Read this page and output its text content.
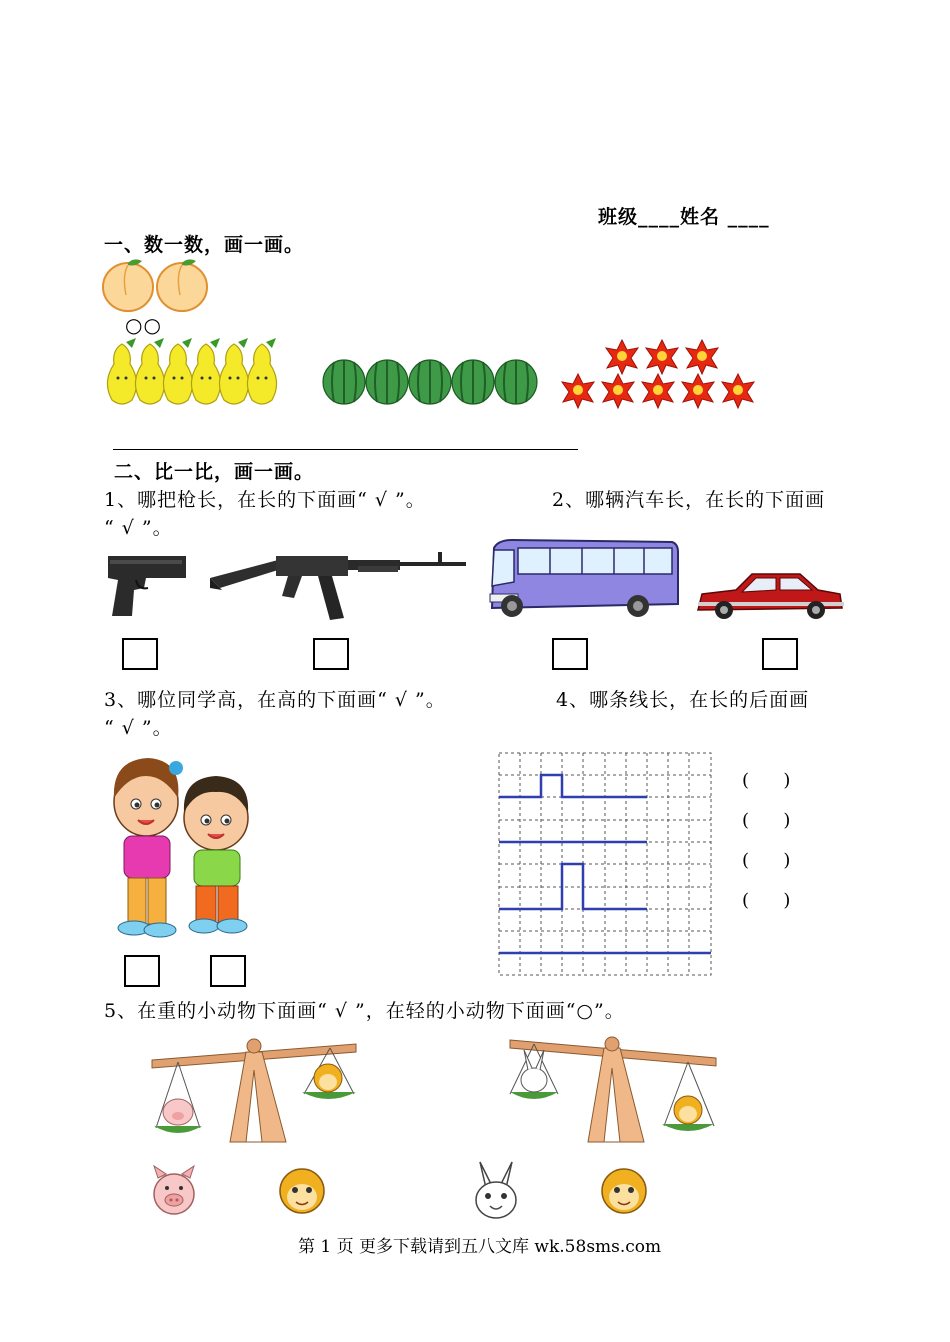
班级____姓名 ____
一、数一数，画一画。
○○
二、比一比，画一画。
1、哪把枪长，在长的下面画“ √ ”。	2、哪辆汽车长，在长的下面画
“ √ ”。
3、哪位同学高，在高的下面画“ √ ”。	4、哪条线长，在长的后面画
“ √ ”。
(      )
(      )
(      )
(      )
5、在重的小动物下面画“ √ ”，在轻的小动物下面画“○”。
第 1 页 更多下载请到五八文库 wk.58sms.com
